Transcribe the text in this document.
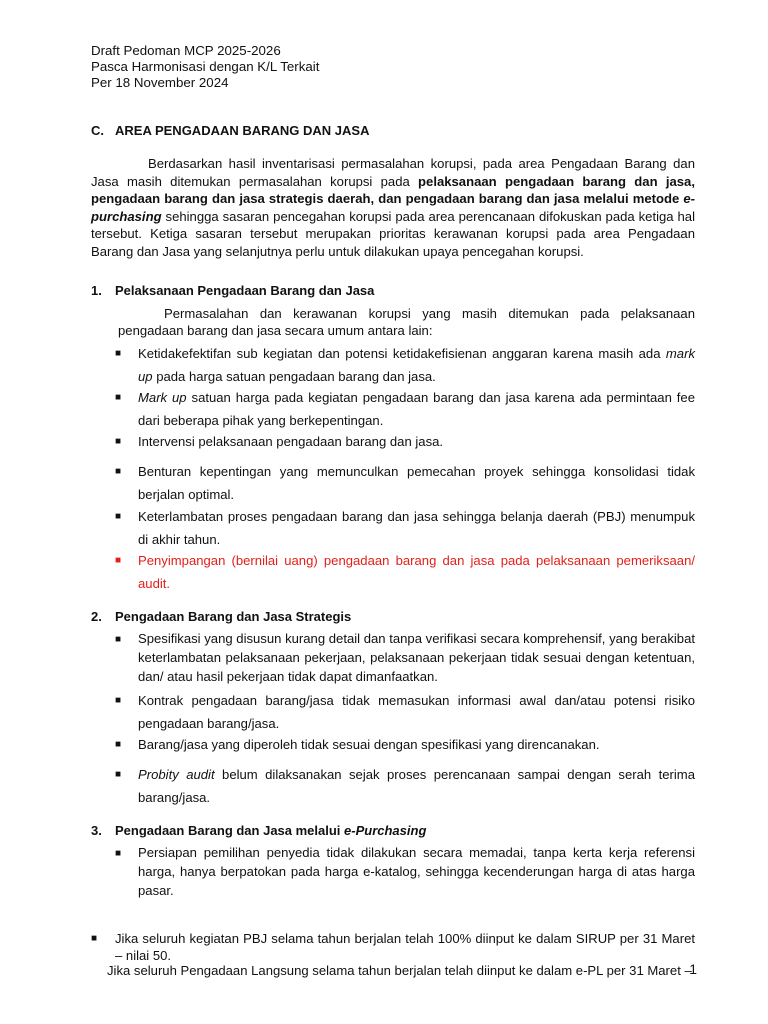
Draft Pedoman MCP 2025-2026
Pasca Harmonisasi dengan K/L Terkait
Per 18 November 2024
C. AREA PENGADAAN BARANG DAN JASA
Berdasarkan hasil inventarisasi permasalahan korupsi, pada area Pengadaan Barang dan Jasa masih ditemukan permasalahan korupsi pada pelaksanaan pengadaan barang dan jasa, pengadaan barang dan jasa strategis daerah, dan pengadaan barang dan jasa melalui metode e-purchasing sehingga sasaran pencegahan korupsi pada area perencanaan difokuskan pada ketiga hal tersebut. Ketiga sasaran tersebut merupakan prioritas kerawanan korupsi pada area Pengadaan Barang dan Jasa yang selanjutnya perlu untuk dilakukan upaya pencegahan korupsi.
1. Pelaksanaan Pengadaan Barang dan Jasa
Permasalahan dan kerawanan korupsi yang masih ditemukan pada pelaksanaan pengadaan barang dan jasa secara umum antara lain:
■ Ketidakefektifan sub kegiatan dan potensi ketidakefisienan anggaran karena masih ada mark up pada harga satuan pengadaan barang dan jasa.
■ Mark up satuan harga pada kegiatan pengadaan barang dan jasa karena ada permintaan fee dari beberapa pihak yang berkepentingan.
■ Intervensi pelaksanaan pengadaan barang dan jasa.
■ Benturan kepentingan yang memunculkan pemecahan proyek sehingga konsolidasi tidak berjalan optimal.
■ Keterlambatan proses pengadaan barang dan jasa sehingga belanja daerah (PBJ) menumpuk di akhir tahun.
■ Penyimpangan (bernilai uang) pengadaan barang dan jasa pada pelaksanaan pemeriksaan/ audit.
2. Pengadaan Barang dan Jasa Strategis
■ Spesifikasi yang disusun kurang detail dan tanpa verifikasi secara komprehensif, yang berakibat keterlambatan pelaksanaan pekerjaan, pelaksanaan pekerjaan tidak sesuai dengan ketentuan, dan/ atau hasil pekerjaan tidak dapat dimanfaatkan.
■ Kontrak pengadaan barang/jasa tidak memasukan informasi awal dan/atau potensi risiko pengadaan barang/jasa.
■ Barang/jasa yang diperoleh tidak sesuai dengan spesifikasi yang direncanakan.
■ Probity audit belum dilaksanakan sejak proses perencanaan sampai dengan serah terima barang/jasa.
3. Pengadaan Barang dan Jasa melalui e-Purchasing
■ Persiapan pemilihan penyedia tidak dilakukan secara memadai, tanpa kerta kerja referensi harga, hanya berpatokan pada harga e-katalog, sehingga kecenderungan harga di atas harga pasar.
■ Jika seluruh kegiatan PBJ selama tahun berjalan telah 100% diinput ke dalam SIRUP per 31 Maret – nilai 50.
Jika seluruh Pengadaan Langsung selama tahun berjalan telah diinput ke dalam e-PL per 31 Maret –
1
